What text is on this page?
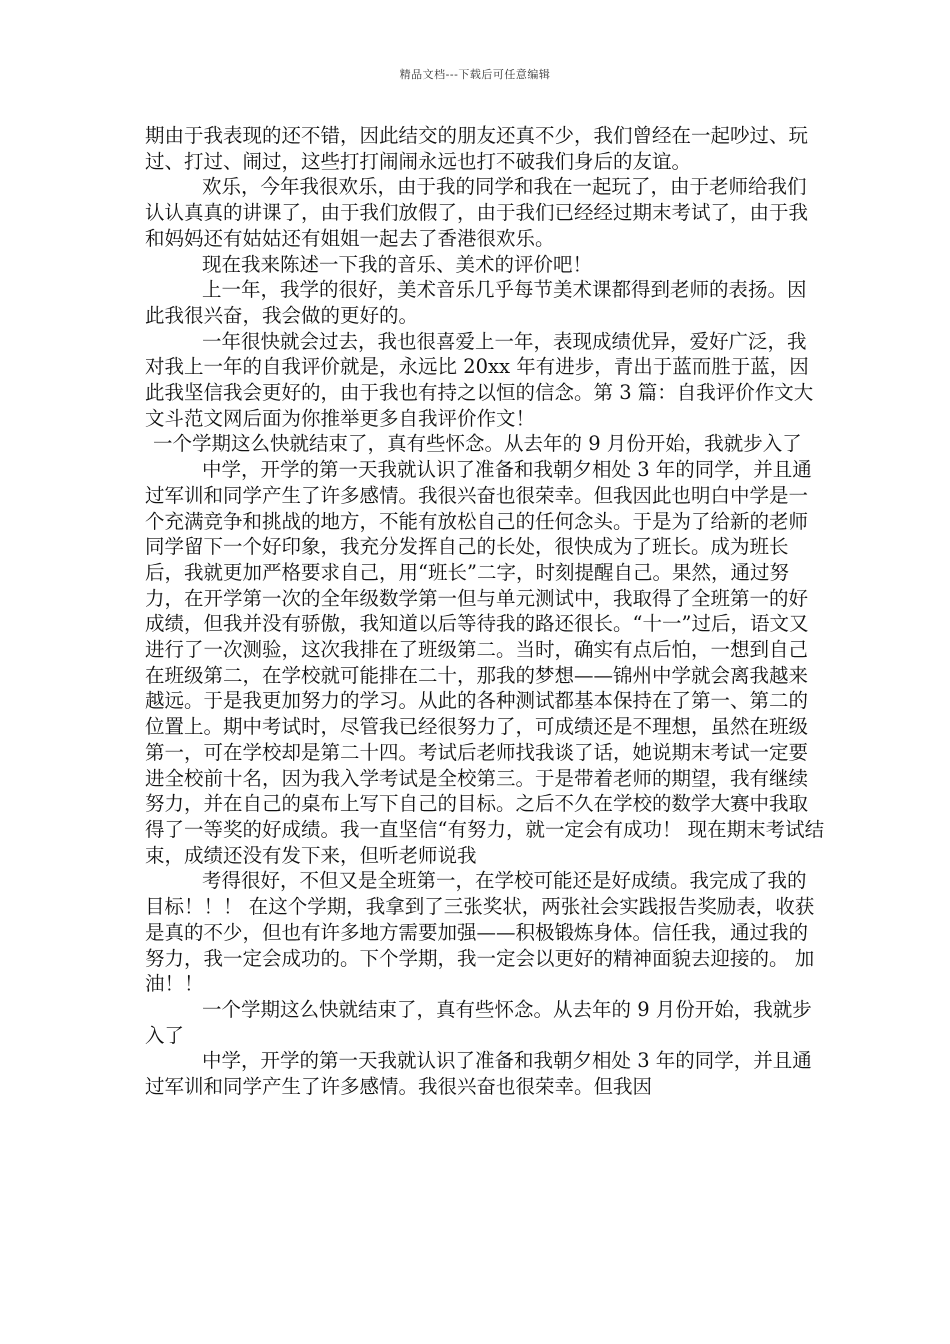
精品文档---下载后可任意编辑

期由于我表现的还不错，因此结交的朋友还真不少，我们曾经在一起吵过、玩过、打过、闹过，这些打打闹闹永远也打不破我们身后的友谊。

欢乐，今年我很欢乐，由于我的同学和我在一起玩了，由于老师给我们认认真真的讲课了，由于我们放假了，由于我们已经经过期末考试了，由于我和妈妈还有姑姑还有姐姐一起去了香港很欢乐。

现在我来陈述一下我的音乐、美术的评价吧！

上一年，我学的很好，美术音乐几乎每节美术课都得到老师的表扬。因此我很兴奋，我会做的更好的。

一年很快就会过去，我也很喜爱上一年，表现成绩优异，爱好广泛，我对我上一年的自我评价就是，永远比 20xx 年有进步，青出于蓝而胜于蓝，因此我坚信我会更好的，由于我也有持之以恒的信念。第 3 篇：自我评价作文大文斗范文网后面为你推举更多自我评价作文！

一个学期这么快就结束了，真有些怀念。从去年的 9 月份开始，我就步入了

中学，开学的第一天我就认识了准备和我朝夕相处 3 年的同学，并且通过军训和同学产生了许多感情。我很兴奋也很荣幸。但我因此也明白中学是一个充满竞争和挑战的地方，不能有放松自己的任何念头。于是为了给新的老师同学留下一个好印象，我充分发挥自己的长处，很快成为了班长。成为班长后，我就更加严格要求自己，用“班长”二字，时刻提醒自己。果然，通过努力，在开学第一次的全年级数学第一但与单元测试中，我取得了全班第一的好成绩，但我并没有骄傲，我知道以后等待我的路还很长。“十一”过后，语文又进行了一次测验，这次我排在了班级第二。当时，确实有点后怕，一想到自己在班级第二，在学校就可能排在二十，那我的梦想——锦州中学就会离我越来越远。于是我更加努力的学习。从此的各种测试都基本保持在了第一、第二的位置上。期中考试时，尽管我已经很努力了，可成绩还是不理想，虽然在班级第一，可在学校却是第二十四。考试后老师找我谈了话，她说期末考试一定要进全校前十名，因为我入学考试是全校第三。于是带着老师的期望，我有继续努力，并在自己的桌布上写下自己的目标。之后不久在学校的数学大赛中我取得了一等奖的好成绩。我一直坚信“有努力，就一定会有成功！ 现在期末考试结束，成绩还没有发下来，但听老师说我

考得很好，不但又是全班第一，在学校可能还是好成绩。我完成了我的目标！！！ 在这个学期，我拿到了三张奖状，两张社会实践报告奖励表，收获是真的不少，但也有许多地方需要加强——积极锻炼身体。信任我，通过我的努力，我一定会成功的。下个学期，我一定会以更好的精神面貌去迎接的。 加油！！

一个学期这么快就结束了，真有些怀念。从去年的 9 月份开始，我就步入了

中学，开学的第一天我就认识了准备和我朝夕相处 3 年的同学，并且通过军训和同学产生了许多感情。我很兴奋也很荣幸。但我因
